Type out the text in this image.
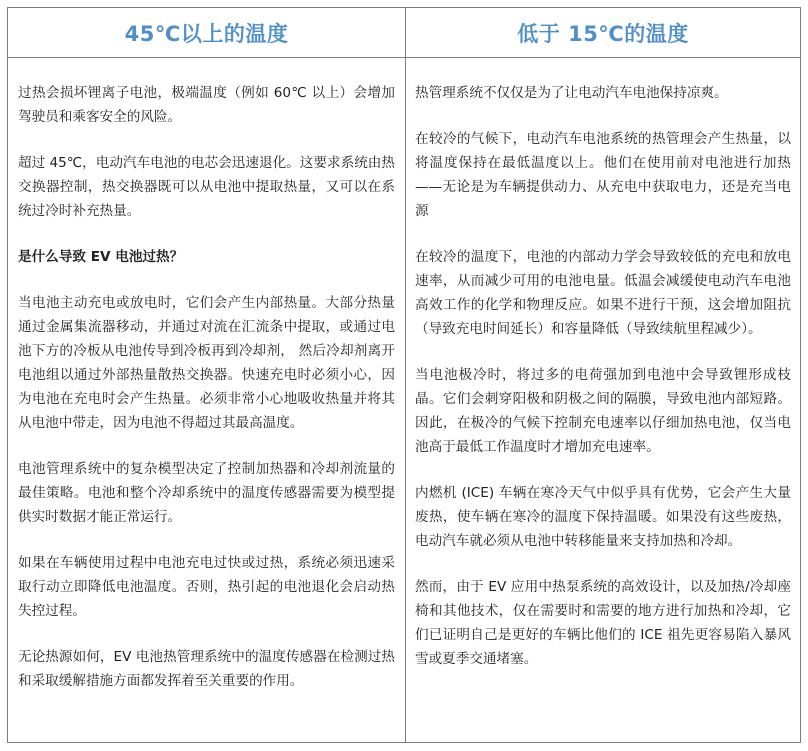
45℃以上的温度	低于 15℃的温度

过热会损坏锂离子电池，极端温度（例如 60℃ 以上）会增加驾驶员和乘客安全的风险。

超过 45℃，电动汽车电池的电芯会迅速退化。这要求系统由热交换器控制，热交换器既可以从电池中提取热量，又可以在系统过冷时补充热量。

是什么导致 EV 电池过热？

当电池主动充电或放电时，它们会产生内部热量。大部分热量通过金属集流器移动，并通过对流在汇流条中提取，或通过电池下方的冷板从电池传导到冷板再到冷却剂， 然后冷却剂离开电池组以通过外部热量散热交换器。快速充电时必须小心，因为电池在充电时会产生热量。必须非常小心地吸收热量并将其从电池中带走，因为电池不得超过其最高温度。

电池管理系统中的复杂模型决定了控制加热器和冷却剂流量的最佳策略。电池和整个冷却系统中的温度传感器需要为模型提供实时数据才能正常运行。

如果在车辆使用过程中电池充电过快或过热，系统必须迅速采取行动立即降低电池温度。否则，热引起的电池退化会启动热失控过程。

无论热源如何，EV 电池热管理系统中的温度传感器在检测过热和采取缓解措施方面都发挥着至关重要的作用。

热管理系统不仅仅是为了让电动汽车电池保持凉爽。

在较冷的气候下，电动汽车电池系统的热管理会产生热量，以将温度保持在最低温度以上。他们在使用前对电池进行加热——无论是为车辆提供动力、从充电中获取电力，还是充当电源

在较冷的温度下，电池的内部动力学会导致较低的充电和放电速率，从而减少可用的电池电量。低温会减缓使电动汽车电池高效工作的化学和物理反应。如果不进行干预，这会增加阻抗（导致充电时间延长）和容量降低（导致续航里程减少）。

当电池极冷时，将过多的电荷强加到电池中会导致锂形成枝晶。它们会刺穿阳极和阴极之间的隔膜，导致电池内部短路。因此，在极冷的气候下控制充电速率以仔细加热电池，仅当电池高于最低工作温度时才增加充电速率。

内燃机 (ICE) 车辆在寒冷天气中似乎具有优势，它会产生大量废热，使车辆在寒冷的温度下保持温暖。如果没有这些废热，电动汽车就必须从电池中转移能量来支持加热和冷却。

然而，由于 EV 应用中热泵系统的高效设计，以及加热/冷却座椅和其他技术，仅在需要时和需要的地方进行加热和冷却，它们已证明自己是更好的车辆比他们的 ICE 祖先更容易陷入暴风雪或夏季交通堵塞。
